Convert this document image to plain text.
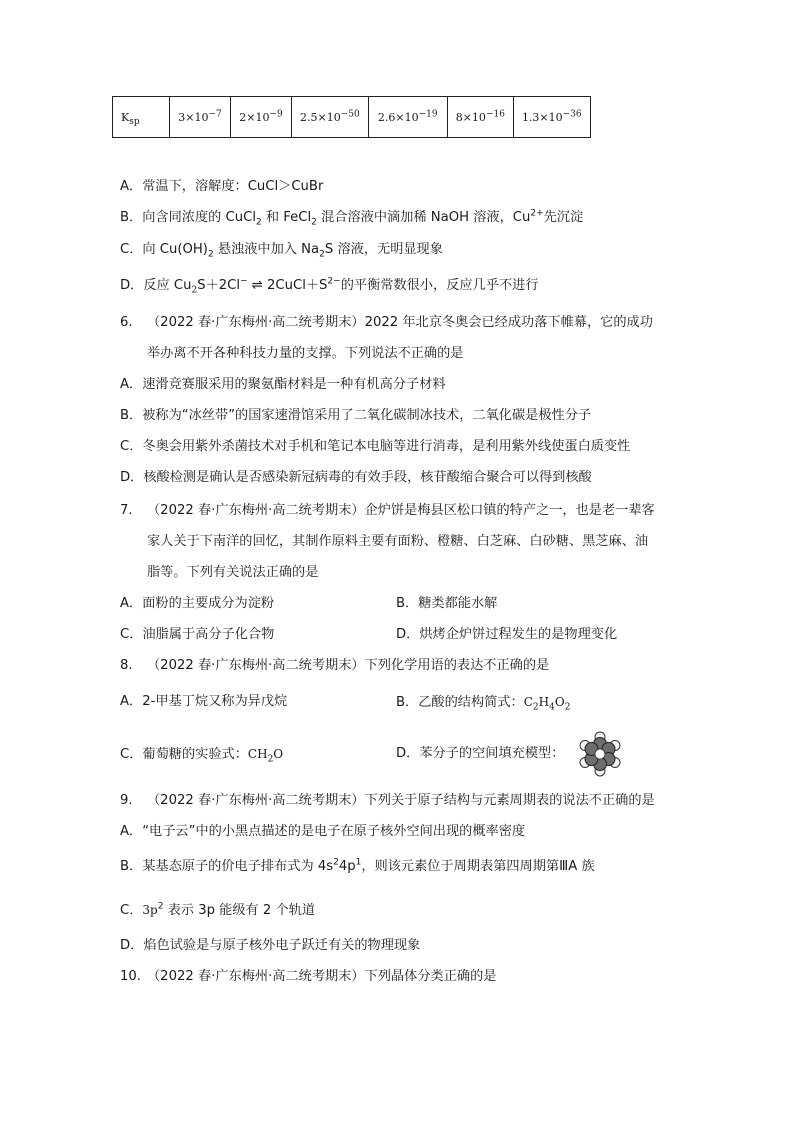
$K_{sp}$	$3\times 10^{-7}$	$2\times 10^{-9}$	$2.5\times 10^{-50}$	$2.6\times 10^{-19}$	$8\times 10^{-16}$	$1.3\times 10^{-36}$
A．常温下，溶解度：CuCl＞CuBr
B．向含同浓度的 CuCl$_2$ 和 FeCl$_2$ 混合溶液中滴加稀 NaOH 溶液，$Cu^{2+}$先沉淀
C．向 $Cu(OH)_2$ 悬浊液中加入 $Na_2S$ 溶液，无明显现象
D．反应 $Cu_2S+2Cl^-$ ⇌ $2CuCl+S^{2-}$的平衡常数很小，反应几乎不进行
6. （2022 春·广东梅州·高二统考期末）2022 年北京冬奥会已经成功落下帷幕，它的成功
举办离不开各种科技力量的支撑。下列说法不正确的是
A．速滑竞赛服采用的聚氨酯材料是一种有机高分子材料
B．被称为“冰丝带”的国家速滑馆采用了二氧化碳制冰技术，二氧化碳是极性分子
C．冬奥会用紫外杀菌技术对手机和笔记本电脑等进行消毒，是利用紫外线使蛋白质变性
D．核酸检测是确认是否感染新冠病毒的有效手段，核苷酸缩合聚合可以得到核酸
7. （2022 春·广东梅州·高二统考期末）企炉饼是梅县区松口镇的特产之一，也是老一辈客
家人关于下南洋的回忆，其制作原料主要有面粉、橙糖、白芝麻、白砂糖、黑芝麻、油
脂等。下列有关说法正确的是
A．面粉的主要成分为淀粉	B．糖类都能水解
C．油脂属于高分子化合物	D．烘烤企炉饼过程发生的是物理变化
8. （2022 春·广东梅州·高二统考期末）下列化学用语的表达不正确的是
A．2-甲基丁烷又称为异戊烷	B．乙酸的结构简式：$C_2H_4O_2$
C．葡萄糖的实验式：$CH_2O$	D．苯分子的空间填充模型：
9. （2022 春·广东梅州·高二统考期末）下列关于原子结构与元素周期表的说法不正确的是
A．“电子云”中的小黑点描述的是电子在原子核外空间出现的概率密度
B．某基态原子的价电子排布式为 $4s^24p^1$，则该元素位于周期表第四周期第ⅢA 族
C．$3p^2$ 表示 3p 能级有 2 个轨道
D．焰色试验是与原子核外电子跃迁有关的物理现象
10. （2022 春·广东梅州·高二统考期末）下列晶体分类正确的是
